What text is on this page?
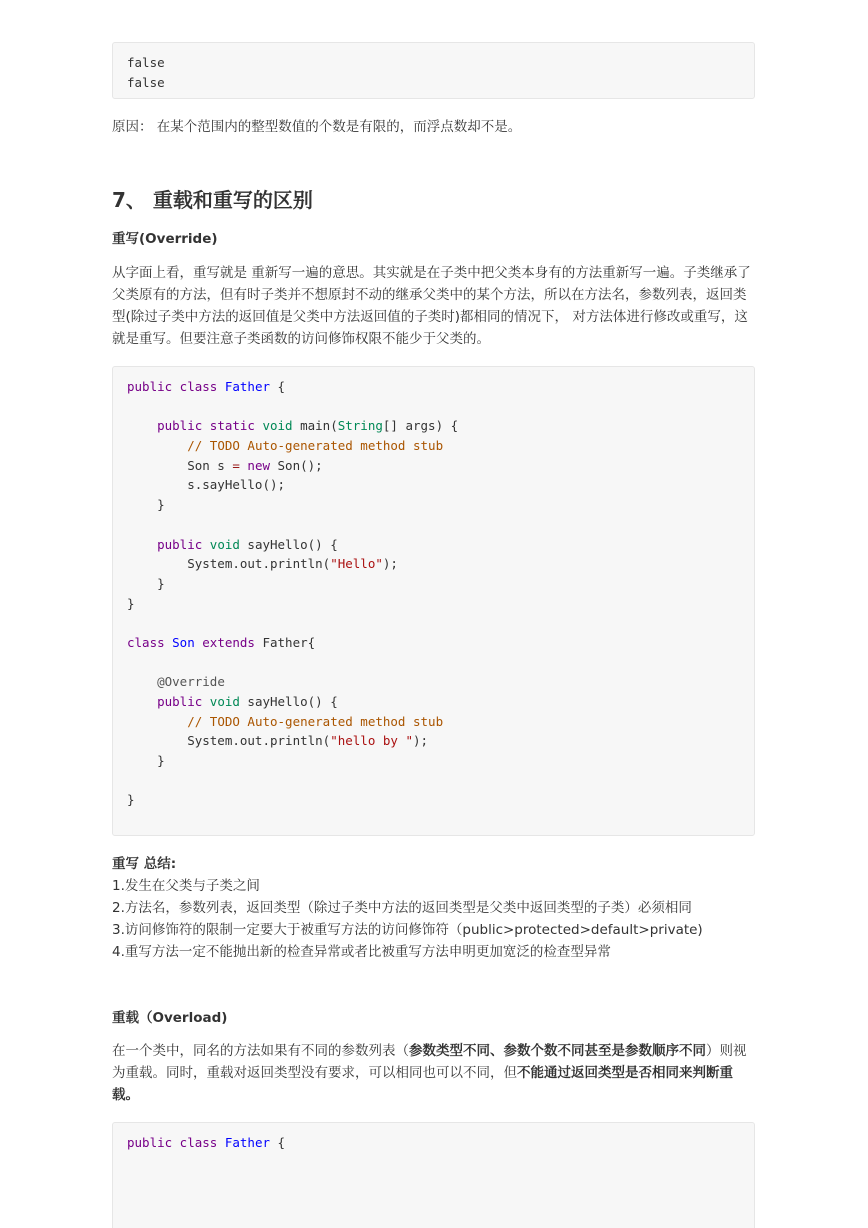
false
false
原因： 在某个范围内的整型数值的个数是有限的，而浮点数却不是。
7、 重载和重写的区别
重写(Override)
从字面上看，重写就是 重新写一遍的意思。其实就是在子类中把父类本身有的方法重新写一遍。子类继承了父类原有的方法，但有时子类并不想原封不动的继承父类中的某个方法，所以在方法名，参数列表，返回类型(除过子类中方法的返回值是父类中方法返回值的子类时)都相同的情况下， 对方法体进行修改或重写，这就是重写。但要注意子类函数的访问修饰权限不能少于父类的。
public class Father {

public static void main(String[] args) {
// TODO Auto-generated method stub
Son s = new Son();
s.sayHello();
}

public void sayHello() {
System.out.println("Hello");
}
}

class Son extends Father{

@Override
public void sayHello() {
// TODO Auto-generated method stub
System.out.println("hello by ");
}

}
重写 总结:
1.发生在父类与子类之间
2.方法名，参数列表，返回类型（除过子类中方法的返回类型是父类中返回类型的子类）必须相同
3.访问修饰符的限制一定要大于被重写方法的访问修饰符（public>protected>default>private)
4.重写方法一定不能抛出新的检查异常或者比被重写方法申明更加宽泛的检查型异常
重载（Overload)
在一个类中，同名的方法如果有不同的参数列表（参数类型不同、参数个数不同甚至是参数顺序不同）则视为重载。同时，重载对返回类型没有要求，可以相同也可以不同，但不能通过返回类型是否相同来判断重载。
public class Father {
